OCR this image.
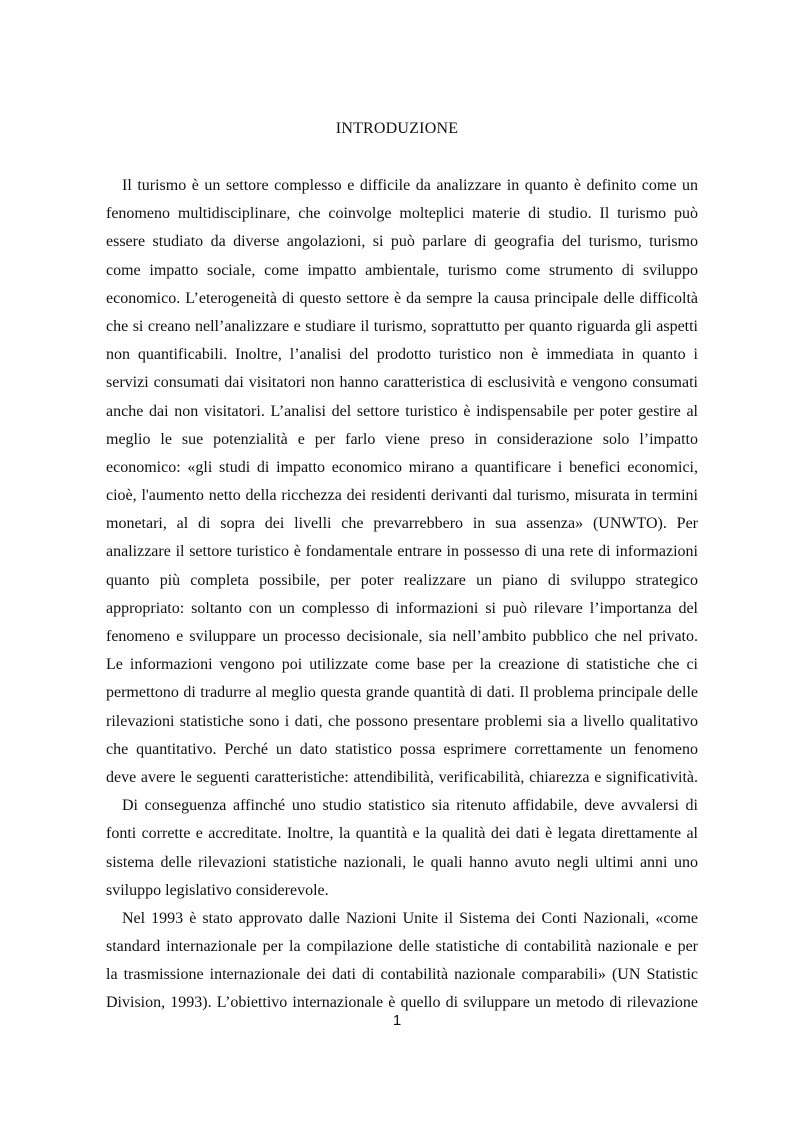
INTRODUZIONE
Il turismo è un settore complesso e difficile da analizzare in quanto è definito come un
fenomeno multidisciplinare, che coinvolge molteplici materie di studio. Il turismo può
essere studiato da diverse angolazioni, si può parlare di geografia del turismo, turismo
come impatto sociale, come impatto ambientale, turismo come strumento di sviluppo
economico. L’eterogeneità di questo settore è da sempre la causa principale delle difficoltà
che si creano nell’analizzare e studiare il turismo, soprattutto per quanto riguarda gli aspetti
non quantificabili. Inoltre, l’analisi del prodotto turistico non è immediata in quanto i
servizi consumati dai visitatori non hanno caratteristica di esclusività e vengono consumati
anche dai non visitatori. L’analisi del settore turistico è indispensabile per poter gestire al
meglio le sue potenzialità e per farlo viene preso in considerazione solo l’impatto
economico: «gli studi di impatto economico mirano a quantificare i benefici economici,
cioè, l'aumento netto della ricchezza dei residenti derivanti dal turismo, misurata in termini
monetari, al di sopra dei livelli che prevarrebbero in sua assenza» (UNWTO). Per
analizzare il settore turistico è fondamentale entrare in possesso di una rete di informazioni
quanto più completa possibile, per poter realizzare un piano di sviluppo strategico
appropriato: soltanto con un complesso di informazioni si può rilevare l’importanza del
fenomeno e sviluppare un processo decisionale, sia nell’ambito pubblico che nel privato.
Le informazioni vengono poi utilizzate come base per la creazione di statistiche che ci
permettono di tradurre al meglio questa grande quantità di dati. Il problema principale delle
rilevazioni statistiche sono i dati, che possono presentare problemi sia a livello qualitativo
che quantitativo. Perché un dato statistico possa esprimere correttamente un fenomeno
deve avere le seguenti caratteristiche: attendibilità, verificabilità, chiarezza e significatività.
Di conseguenza affinché uno studio statistico sia ritenuto affidabile, deve avvalersi di
fonti corrette e accreditate. Inoltre, la quantità e la qualità dei dati è legata direttamente al
sistema delle rilevazioni statistiche nazionali, le quali hanno avuto negli ultimi anni uno
sviluppo legislativo considerevole.
Nel 1993 è stato approvato dalle Nazioni Unite il Sistema dei Conti Nazionali, «come
standard internazionale per la compilazione delle statistiche di contabilità nazionale e per
la trasmissione internazionale dei dati di contabilità nazionale comparabili» (UN Statistic
Division, 1993). L’obiettivo internazionale è quello di sviluppare un metodo di rilevazione

1
